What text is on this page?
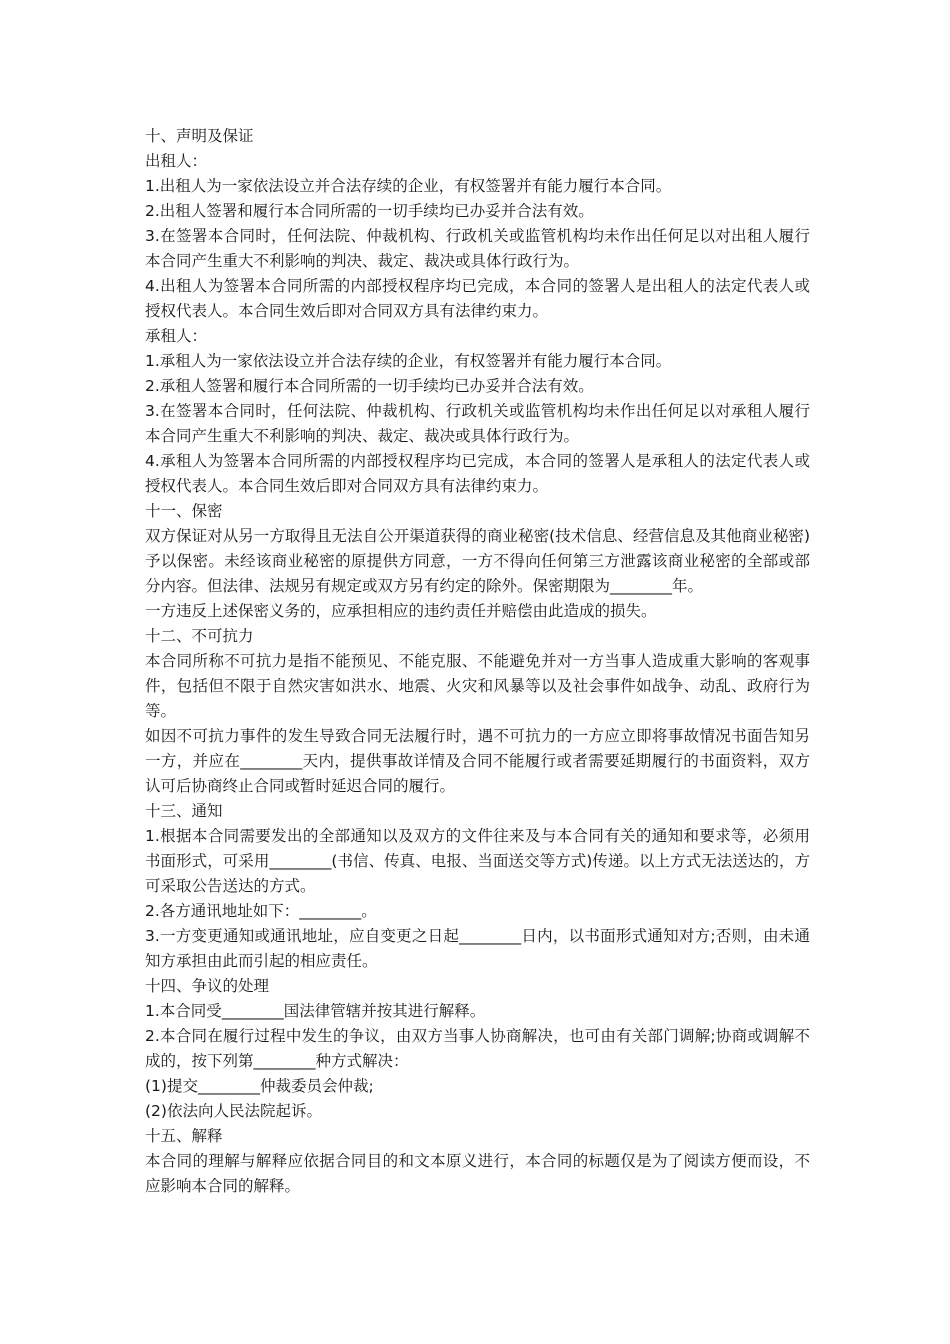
十、声明及保证

出租人：

1.出租人为一家依法设立并合法存续的企业，有权签署并有能力履行本合同。

2.出租人签署和履行本合同所需的一切手续均已办妥并合法有效。

3.在签署本合同时，任何法院、仲裁机构、行政机关或监管机构均未作出任何足以对出租人履行本合同产生重大不利影响的判决、裁定、裁决或具体行政行为。

4.出租人为签署本合同所需的内部授权程序均已完成，本合同的签署人是出租人的法定代表人或授权代表人。本合同生效后即对合同双方具有法律约束力。

承租人：

1.承租人为一家依法设立并合法存续的企业，有权签署并有能力履行本合同。

2.承租人签署和履行本合同所需的一切手续均已办妥并合法有效。

3.在签署本合同时，任何法院、仲裁机构、行政机关或监管机构均未作出任何足以对承租人履行本合同产生重大不利影响的判决、裁定、裁决或具体行政行为。

4.承租人为签署本合同所需的内部授权程序均已完成，本合同的签署人是承租人的法定代表人或授权代表人。本合同生效后即对合同双方具有法律约束力。

十一、保密

双方保证对从另一方取得且无法自公开渠道获得的商业秘密(技术信息、经营信息及其他商业秘密)予以保密。未经该商业秘密的原提供方同意，一方不得向任何第三方泄露该商业秘密的全部或部分内容。但法律、法规另有规定或双方另有约定的除外。保密期限为________年。

一方违反上述保密义务的，应承担相应的违约责任并赔偿由此造成的损失。

十二、不可抗力

本合同所称不可抗力是指不能预见、不能克服、不能避免并对一方当事人造成重大影响的客观事件，包括但不限于自然灾害如洪水、地震、火灾和风暴等以及社会事件如战争、动乱、政府行为等。

如因不可抗力事件的发生导致合同无法履行时，遇不可抗力的一方应立即将事故情况书面告知另一方，并应在________天内，提供事故详情及合同不能履行或者需要延期履行的书面资料，双方认可后协商终止合同或暂时延迟合同的履行。

十三、通知

1.根据本合同需要发出的全部通知以及双方的文件往来及与本合同有关的通知和要求等，必须用书面形式，可采用________(书信、传真、电报、当面送交等方式)传递。以上方式无法送达的，方可采取公告送达的方式。

2.各方通讯地址如下：________。

3.一方变更通知或通讯地址，应自变更之日起________日内，以书面形式通知对方;否则，由未通知方承担由此而引起的相应责任。

十四、争议的处理

1.本合同受________国法律管辖并按其进行解释。

2.本合同在履行过程中发生的争议，由双方当事人协商解决，也可由有关部门调解;协商或调解不成的，按下列第________种方式解决：

(1)提交________仲裁委员会仲裁;

(2)依法向人民法院起诉。

十五、解释

本合同的理解与解释应依据合同目的和文本原义进行，本合同的标题仅是为了阅读方便而设，不应影响本合同的解释。
